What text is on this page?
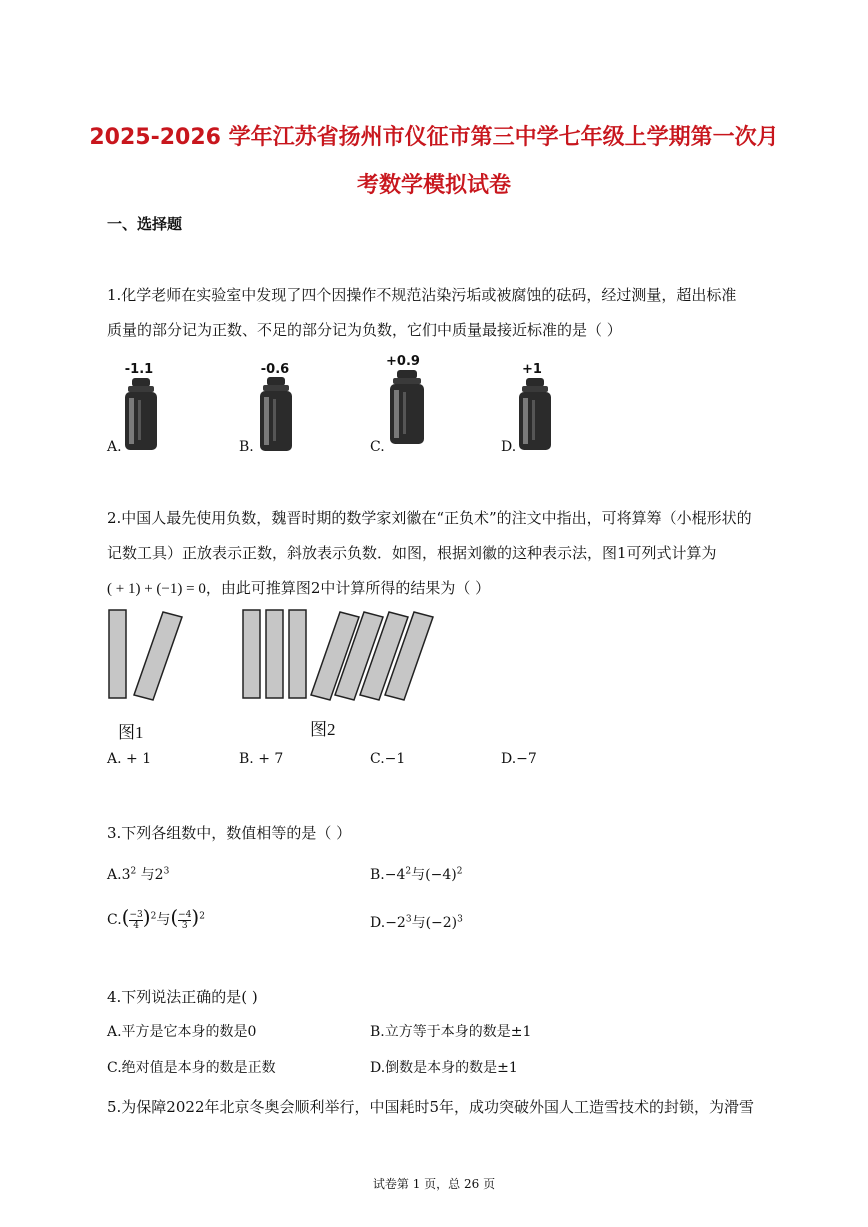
2025-2026 学年江苏省扬州市仪征市第三中学七年级上学期第一次月
考数学模拟试卷
一、选择题
1.化学老师在实验室中发现了四个因操作不规范沾染污垢或被腐蚀的砝码，经过测量，超出标准
质量的部分记为正数、不足的部分记为负数，它们中质量最接近标准的是（ ）
-1.1
A.
-0.6
B.
+0.9
C.
+1
D.
2.中国人最先使用负数，魏晋时期的数学家刘徽在“正负术”的注文中指出，可将算筹（小棍形状的
记数工具）正放表示正数，斜放表示负数．如图，根据刘徽的这种表示法，图1可列式计算为
( + 1) + (−1) = 0，由此可推算图2中计算所得的结果为（ ）
图1	图2
A. + 1	B. + 7	C.−1	D.−7
3.下列各组数中，数值相等的是（ ）
$A.3^2$ 与$2^3$	$B.-4^2$与$(-4)^2$
$C.( \frac{-3}{4} )^2$与( $\frac{-4}{3} )^2$	$D.-2^3$与$(-2)^3$
4.下列说法正确的是( )
A.平方是它本身的数是0	B.立方等于本身的数是±1
C.绝对值是本身的数是正数	D.倒数是本身的数是±1
5.为保障2022年北京冬奥会顺利举行，中国耗时5年，成功突破外国人工造雪技术的封锁，为滑雪
试卷第 1 页，总 26 页
